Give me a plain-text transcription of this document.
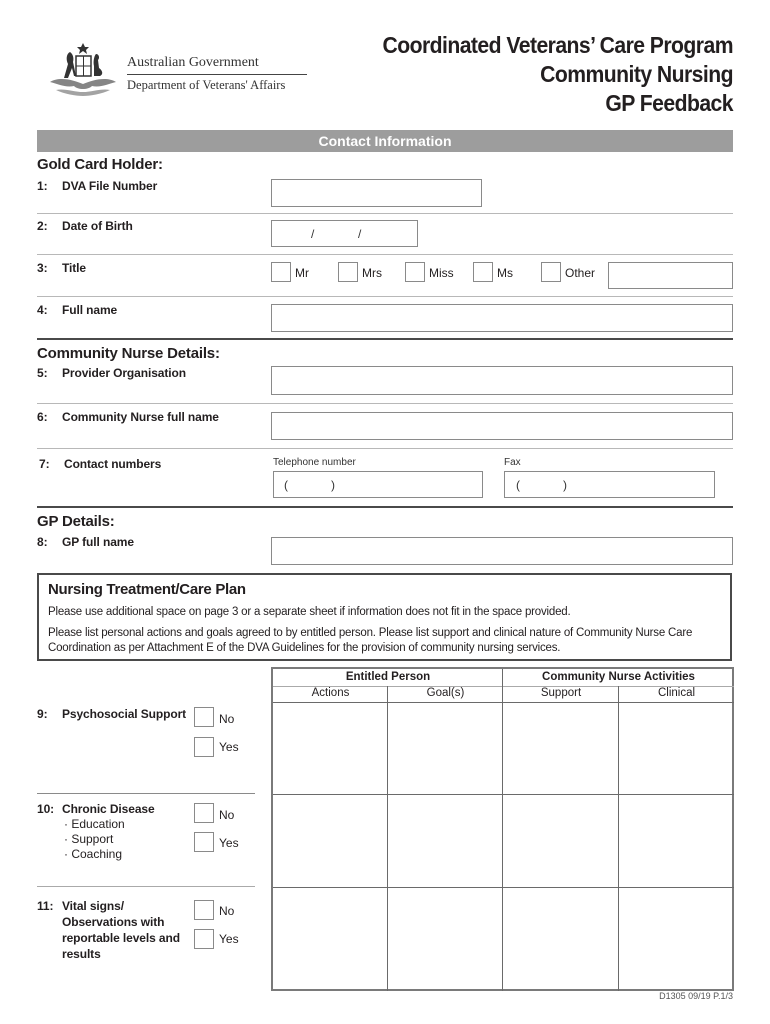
Australian Government
Department of Veterans' Affairs
Coordinated Veterans’ Care Program
Community Nursing
GP Feedback
Contact Information
Gold Card Holder:
1: DVA File Number
2: Date of Birth
/	/
3: Title	Mr	Mrs	Miss	Ms	Other
4: Full name
Community Nurse Details:
5: Provider Organisation
6: Community Nurse full name
7: Contact numbers	Telephone number	Fax
(	)	(	)
GP Details:
8: GP full name
Nursing Treatment/Care Plan
Please use additional space on page 3 or a separate sheet if information does not fit in the space provided.
Please list personal actions and goals agreed to by entitled person. Please list support and clinical nature of Community Nurse Care Coordination as per Attachment E of the DVA Guidelines for the provision of community nursing services.
Entitled Person	Community Nurse Activities
Actions	Goal(s)	Support	Clinical
9: Psychosocial Support	No
Yes
10: Chronic Disease
· Education
· Support
· Coaching
No
Yes
11: Vital signs/
Observations with
reportable levels and
results
No
Yes
D1305 09/19 P.1/3
